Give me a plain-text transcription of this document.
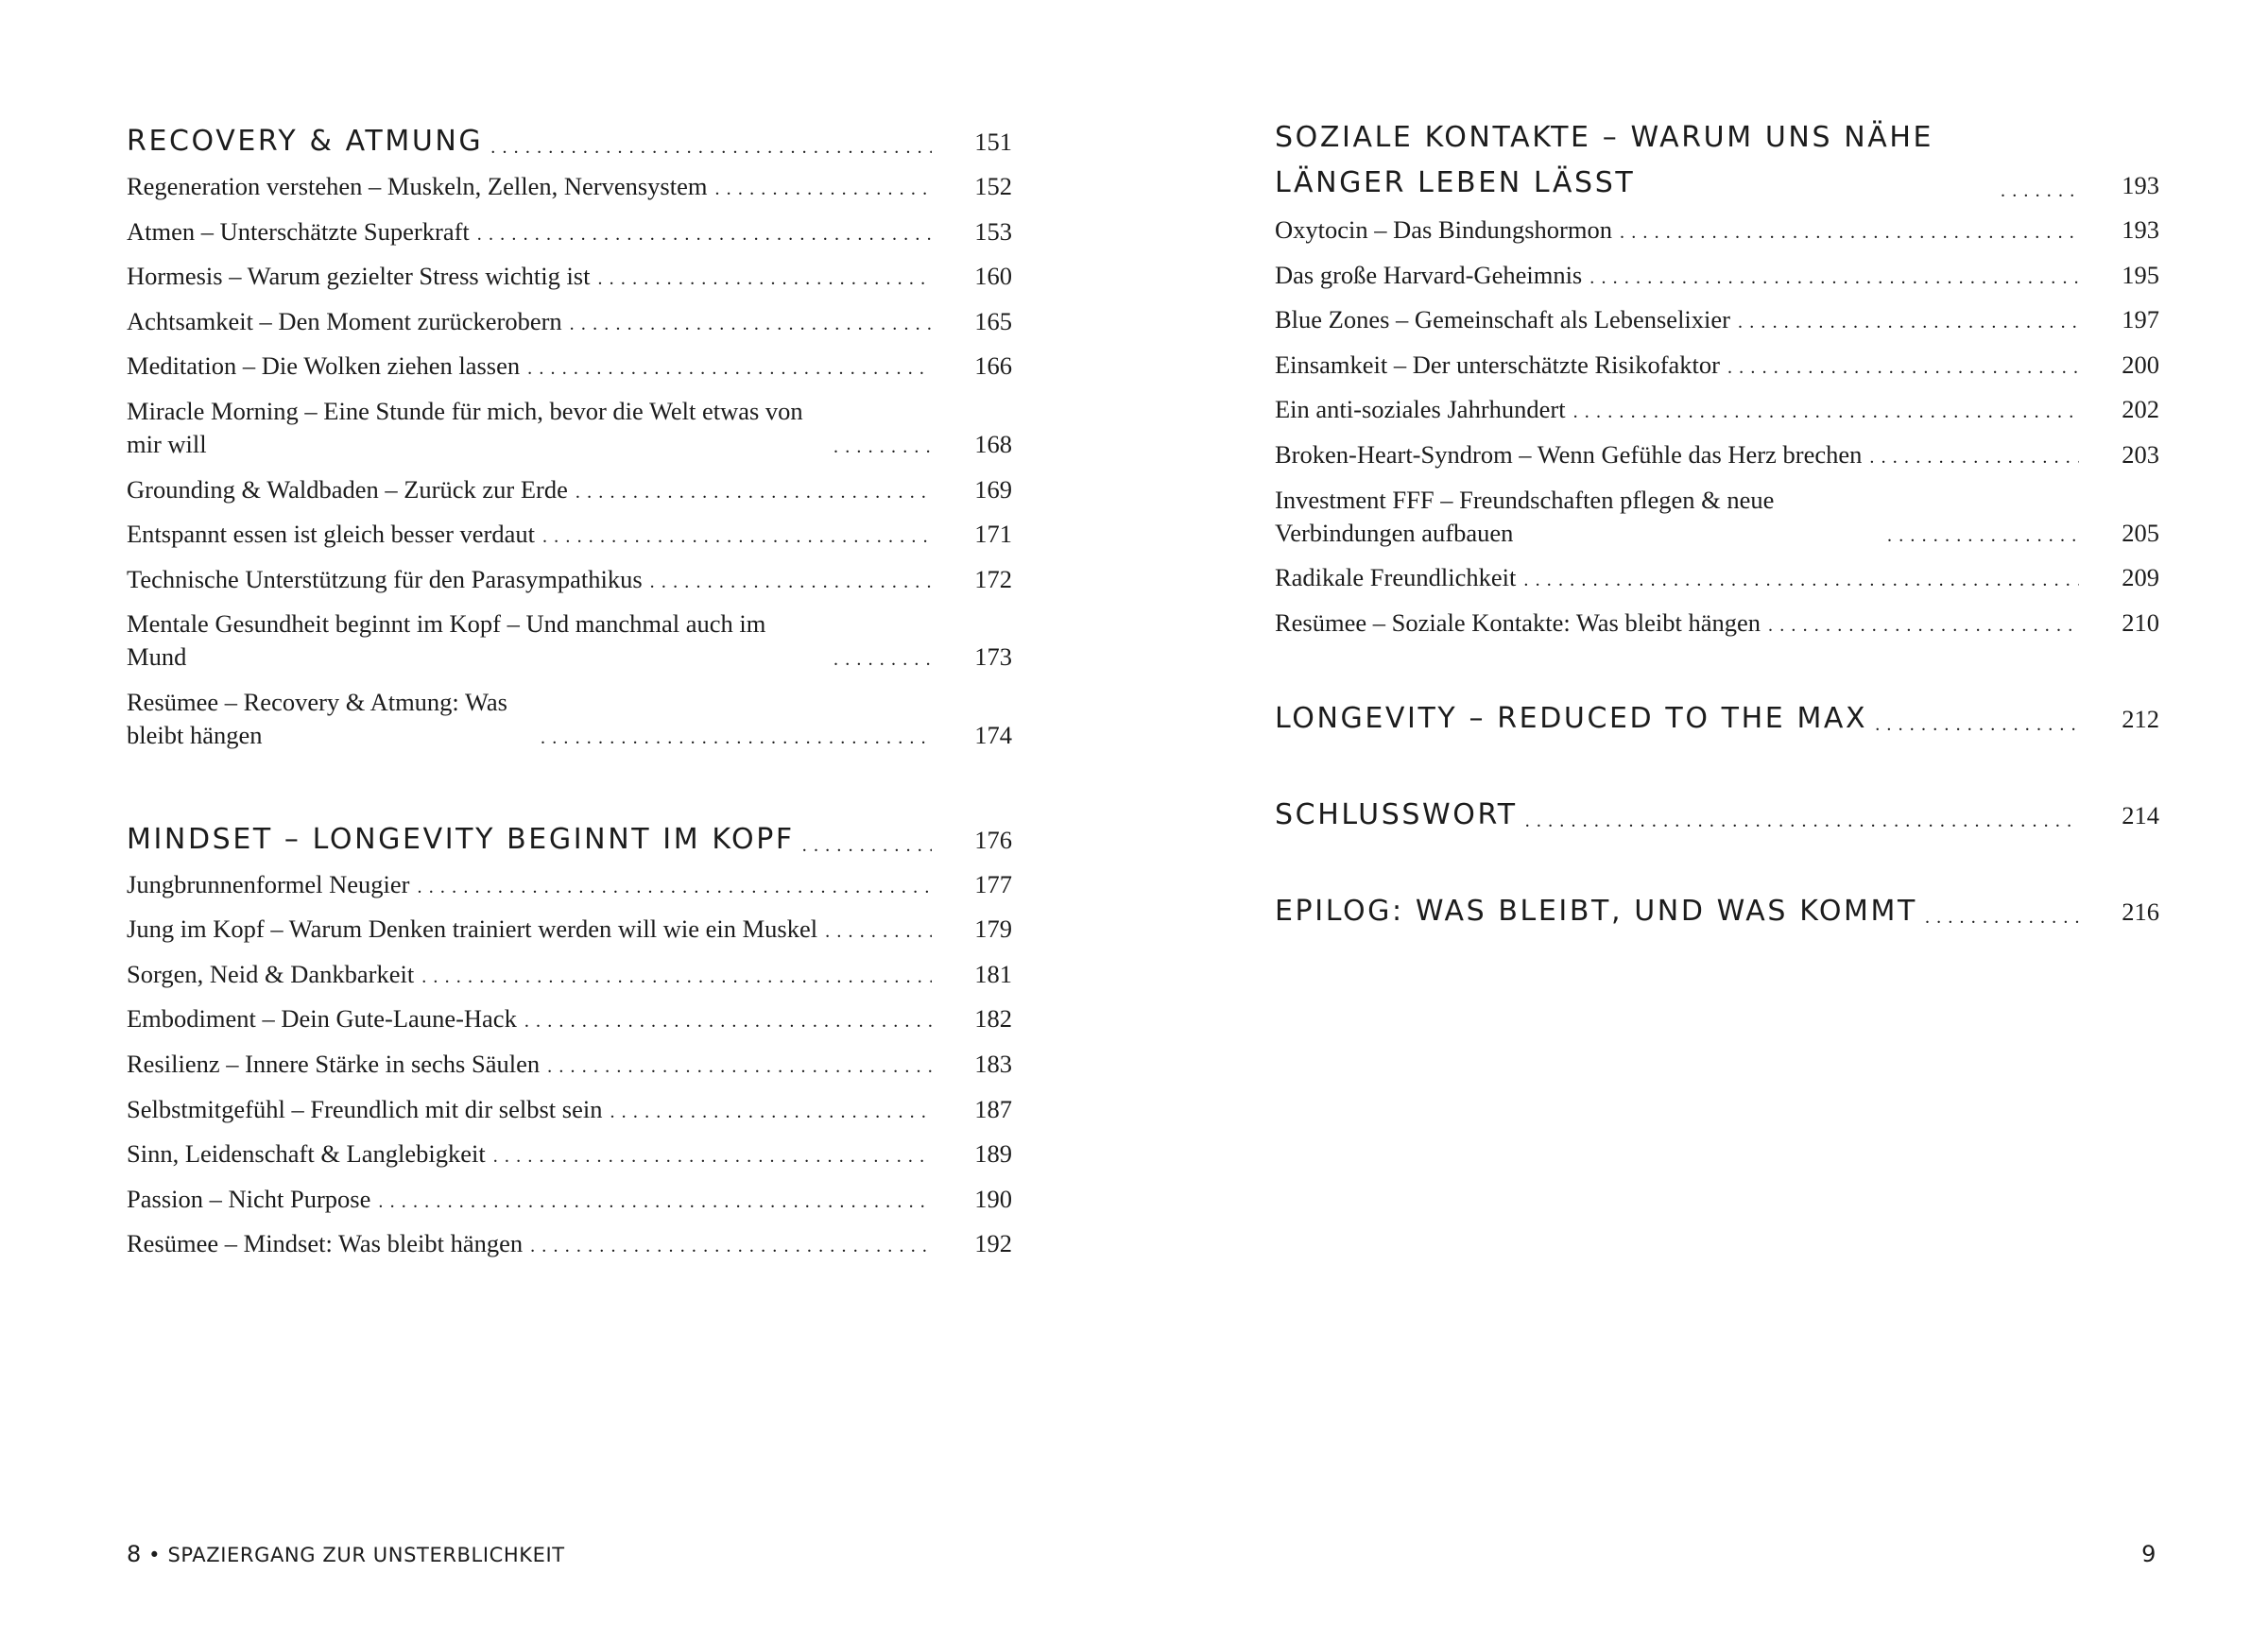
RECOVERY & ATMUNG . . .	151
Regeneration verstehen – Muskeln, Zellen, Nervensystem . . .	152
Atmen – Unterschätzte Superkraft . . .	153
Hormesis – Warum gezielter Stress wichtig ist . . .	160
Achtsamkeit – Den Moment zurückerobern . . .	165
Meditation – Die Wolken ziehen lassen . . .	166
Miracle Morning – Eine Stunde für mich, bevor die Welt etwas von mir will . . .	168
Grounding & Waldbaden – Zurück zur Erde . . .	169
Entspannt essen ist gleich besser verdaut . . .	171
Technische Unterstützung für den Parasympathikus . . .	172
Mentale Gesundheit beginnt im Kopf – Und manchmal auch im Mund . . .	173
Resümee – Recovery & Atmung: Was bleibt hängen . . .	174
MINDSET – LONGEVITY BEGINNT IM KOPF . . .	176
Jungbrunnenformel Neugier . . .	177
Jung im Kopf – Warum Denken trainiert werden will wie ein Muskel . . .	179
Sorgen, Neid & Dankbarkeit . . .	181
Embodiment – Dein Gute-Laune-Hack . . .	182
Resilienz – Innere Stärke in sechs Säulen . . .	183
Selbstmitgefühl – Freundlich mit dir selbst sein . . .	187
Sinn, Leidenschaft & Langlebigkeit . . .	189
Passion – Nicht Purpose . . .	190
Resümee – Mindset: Was bleibt hängen . . .	192
8 • SPAZIERGANG ZUR UNSTERBLICHKEIT
SOZIALE KONTAKTE – WARUM UNS NÄHE LÄNGER LEBEN LÄSST . . .	193
Oxytocin – Das Bindungshormon . . .	193
Das große Harvard-Geheimnis . . .	195
Blue Zones – Gemeinschaft als Lebenselixier . . .	197
Einsamkeit – Der unterschätzte Risikofaktor . . .	200
Ein anti-soziales Jahrhundert . . .	202
Broken-Heart-Syndrom – Wenn Gefühle das Herz brechen . . .	203
Investment FFF – Freundschaften pflegen & neue Verbindungen aufbauen . . .	205
Radikale Freundlichkeit . . .	209
Resümee – Soziale Kontakte: Was bleibt hängen . . .	210
LONGEVITY – REDUCED TO THE MAX . . .	212
SCHLUSSWORT . . .	214
EPILOG: WAS BLEIBT, UND WAS KOMMT . . .	216
9
